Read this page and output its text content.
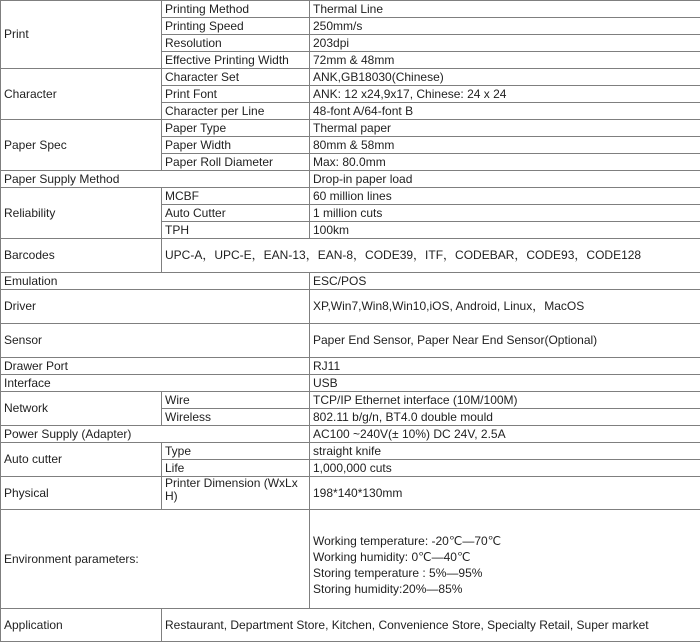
Print	Printing Method	Thermal Line
	Printing Speed	250mm/s
	Resolution	203dpi
	Effective Printing Width	72mm & 48mm
Character	Character Set	ANK,GB18030(Chinese)
	Print Font	ANK: 12 x24,9x17, Chinese: 24 x 24
	Character per Line	48-font A/64-font B
Paper Spec	Paper Type	Thermal paper
	Paper Width	80mm & 58mm
	Paper Roll Diameter	Max: 80.0mm
Paper Supply Method		Drop-in paper load
Reliability	MCBF	60 million lines
	Auto Cutter	1 million cuts
	TPH	100km
Barcodes	UPC-A，UPC-E，EAN-13，EAN-8，CODE39，ITF，CODEBAR，CODE93，CODE128	
Emulation		ESC/POS
Driver		XP,Win7,Win8,Win10,iOS, Android, Linux，MacOS
Sensor		Paper End Sensor, Paper Near End Sensor(Optional)
Drawer Port		RJ11
Interface		USB
Network	Wire	TCP/IP Ethernet interface (10M/100M)
	Wireless	802.11 b/g/n, BT4.0 double mould
Power Supply (Adapter)		AC100 ~240V(± 10%) DC 24V, 2.5A
Auto cutter	Type	straight knife
	Life	1,000,000 cuts
Physical	Printer Dimension (WxLx H)	198*140*130mm
Environment parameters:		Working temperature: -20℃—70℃
Working humidity: 0℃—40℃
Storing temperature : 5%—95%
Storing humidity:20%—85%

Application	Restaurant, Department Store, Kitchen, Convenience Store, Specialty Retail, Super market	
